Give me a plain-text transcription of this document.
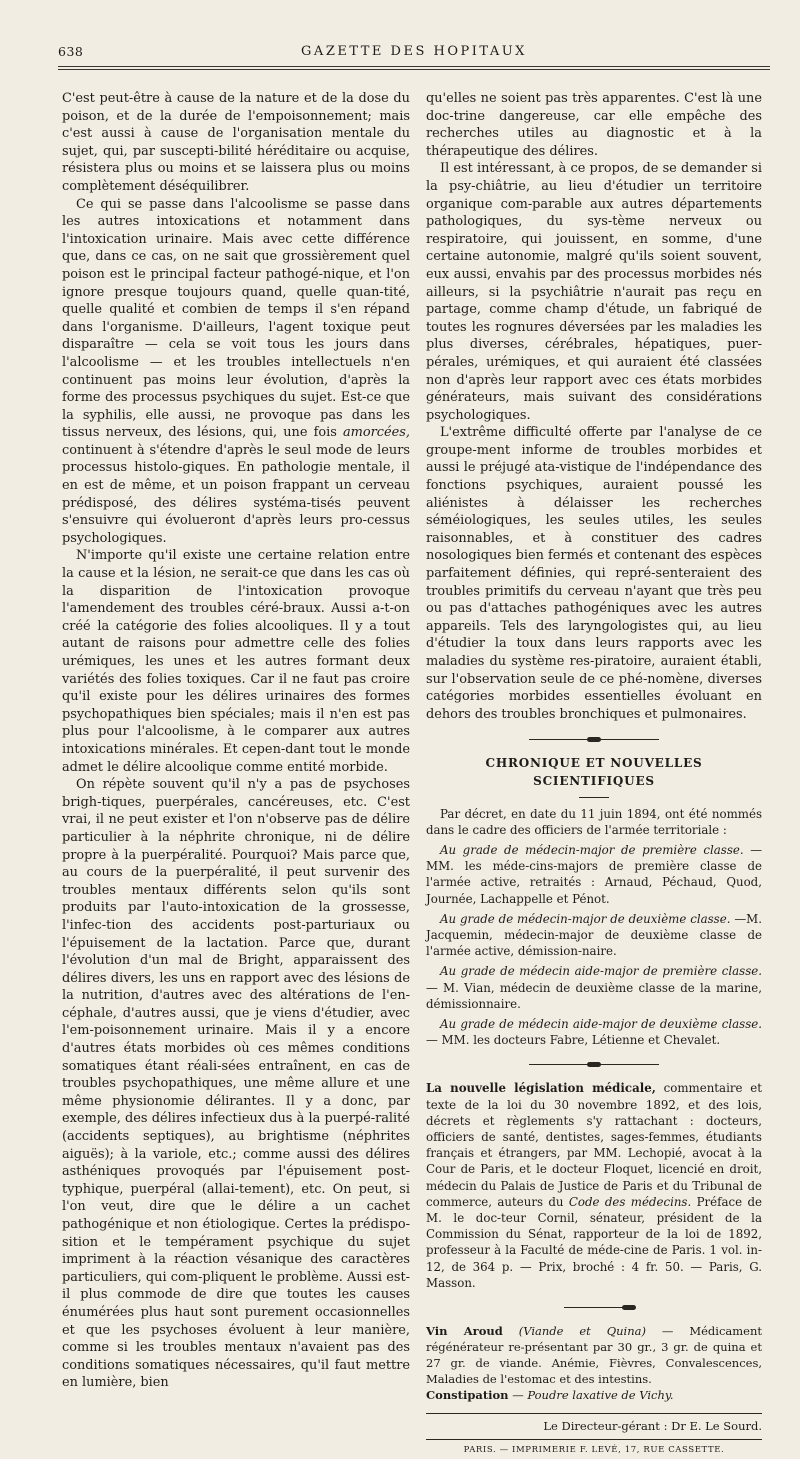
638	GAZETTE DES HOPITAUX

C'est peut-être à cause de la nature et de la dose du poison, et de la durée de l'empoisonnement; mais c'est aussi à cause de l'organisation mentale du sujet, qui, par suscepti-bilité héréditaire ou acquise, résistera plus ou moins et se laissera plus ou moins complètement déséquilibrer.

Ce qui se passe dans l'alcoolisme se passe dans les autres intoxications et notamment dans l'intoxication urinaire. Mais avec cette différence que, dans ce cas, on ne sait que grossièrement quel poison est le principal facteur pathogé-nique, et l'on ignore presque toujours quand, quelle quan-tité, quelle qualité et combien de temps il s'en répand dans l'organisme. D'ailleurs, l'agent toxique peut disparaître — cela se voit tous les jours dans l'alcoolisme — et les troubles intellectuels n'en continuent pas moins leur évolution, d'après la forme des processus psychiques du sujet. Est-ce que la syphilis, elle aussi, ne provoque pas dans les tissus nerveux, des lésions, qui, une fois amorcées, continuent à s'étendre d'après le seul mode de leurs processus histolo-giques. En pathologie mentale, il en est de même, et un poison frappant un cerveau prédisposé, des délires systéma-tisés peuvent s'ensuivre qui évolueront d'après leurs pro-cessus psychologiques.

N'importe qu'il existe une certaine relation entre la cause et la lésion, ne serait-ce que dans les cas où la disparition de l'intoxication provoque l'amendement des troubles céré-braux. Aussi a-t-on créé la catégorie des folies alcooliques. Il y a tout autant de raisons pour admettre celle des folies urémiques, les unes et les autres formant deux variétés des folies toxiques. Car il ne faut pas croire qu'il existe pour les délires urinaires des formes psychopathiques bien spéciales; mais il n'en est pas plus pour l'alcoolisme, à le comparer aux autres intoxications minérales. Et cepen-dant tout le monde admet le délire alcoolique comme entité morbide.

On répète souvent qu'il n'y a pas de psychoses brigh-tiques, puerpérales, cancéreuses, etc. C'est vrai, il ne peut exister et l'on n'observe pas de délire particulier à la néphrite chronique, ni de délire propre à la puerpéralité. Pourquoi? Mais parce que, au cours de la puerpéralité, il peut survenir des troubles mentaux différents selon qu'ils sont produits par l'auto-intoxication de la grossesse, l'infec-tion des accidents post-parturiaux ou l'épuisement de la lactation. Parce que, durant l'évolution d'un mal de Bright, apparaissent des délires divers, les uns en rapport avec des lésions de la nutrition, d'autres avec des altérations de l'en-céphale, d'autres aussi, que je viens d'étudier, avec l'em-poisonnement urinaire. Mais il y a encore d'autres états morbides où ces mêmes conditions somatiques étant réali-sées entraînent, en cas de troubles psychopathiques, une même allure et une même physionomie délirantes. Il y a donc, par exemple, des délires infectieux dus à la puerpé-ralité (accidents septiques), au brightisme (néphrites aiguës); à la variole, etc.; comme aussi des délires asthéniques provoqués par l'épuisement post-typhique, puerpéral (allai-tement), etc. On peut, si l'on veut, dire que le délire a un cachet pathogénique et non étiologique. Certes la prédispo-sition et le tempérament psychique du sujet impriment à la réaction vésanique des caractères particuliers, qui com-pliquent le problème. Aussi est-il plus commode de dire que toutes les causes énumérées plus haut sont purement occasionnelles et que les psychoses évoluent à leur manière, comme si les troubles mentaux n'avaient pas des conditions somatiques nécessaires, qu'il faut mettre en lumière, bien

qu'elles ne soient pas très apparentes. C'est là une doc-trine dangereuse, car elle empêche des recherches utiles au diagnostic et à la thérapeutique des délires.

Il est intéressant, à ce propos, de se demander si la psy-chiâtrie, au lieu d'étudier un territoire organique com-parable aux autres départements pathologiques, du sys-tème nerveux ou respiratoire, qui jouissent, en somme, d'une certaine autonomie, malgré qu'ils soient souvent, eux aussi, envahis par des processus morbides nés ailleurs, si la psychiâtrie n'aurait pas reçu en partage, comme champ d'étude, un fabriqué de toutes les rognures déversées par les maladies les plus diverses, cérébrales, hépatiques, puer-pérales, urémiques, et qui auraient été classées non d'après leur rapport avec ces états morbides générateurs, mais suivant des considérations psychologiques.

L'extrême difficulté offerte par l'analyse de ce groupe-ment informe de troubles morbides et aussi le préjugé ata-vistique de l'indépendance des fonctions psychiques, auraient poussé les aliénistes à délaisser les recherches séméiologiques, les seules utiles, les seules raisonnables, et à constituer des cadres nosologiques bien fermés et contenant des espèces parfaitement définies, qui repré-senteraient des troubles primitifs du cerveau n'ayant que très peu ou pas d'attaches pathogéniques avec les autres appareils. Tels des laryngologistes qui, au lieu d'étudier la toux dans leurs rapports avec les maladies du système res-piratoire, auraient établi, sur l'observation seule de ce phé-nomène, diverses catégories morbides essentielles évoluant en dehors des troubles bronchiques et pulmonaires.

CHRONIQUE ET NOUVELLES SCIENTIFIQUES

Par décret, en date du 11 juin 1894, ont été nommés dans le cadre des officiers de l'armée territoriale :

Au grade de médecin-major de première classe. — MM. les méde-cins-majors de première classe de l'armée active, retraités : Arnaud, Péchaud, Quod, Journée, Lachappelle et Pénot.

Au grade de médecin-major de deuxième classe. —M. Jacquemin, médecin-major de deuxième classe de l'armée active, démission-naire.

Au grade de médecin aide-major de première classe. — M. Vian, médecin de deuxième classe de la marine, démissionnaire.

Au grade de médecin aide-major de deuxième classe. — MM. les docteurs Fabre, Létienne et Chevalet.

La nouvelle législation médicale, commentaire et texte de la loi du 30 novembre 1892, et des lois, décrets et règlements s'y rattachant : docteurs, officiers de santé, dentistes, sages-femmes, étudiants français et étrangers, par MM. Lechopié, avocat à la Cour de Paris, et le docteur Floquet, licencié en droit, médecin du Palais de Justice de Paris et du Tribunal de commerce, auteurs du Code des médecins. Préface de M. le doc-teur Cornil, sénateur, président de la Commission du Sénat, rapporteur de la loi de 1892, professeur à la Faculté de méde-cine de Paris. 1 vol. in-12, de 364 p. — Prix, broché : 4 fr. 50. — Paris, G. Masson.

Vin Aroud (Viande et Quina) — Médicament régénérateur re-présentant par 30 gr., 3 gr. de quina et 27 gr. de viande. Anémie, Fièvres, Convalescences, Maladies de l'estomac et des intestins.

Constipation — Poudre laxative de Vichy.

Le Directeur-gérant : Dr E. Le Sourd.
PARIS. — IMPRIMERIE F. LEVÉ, 17, RUE CASSETTE.
